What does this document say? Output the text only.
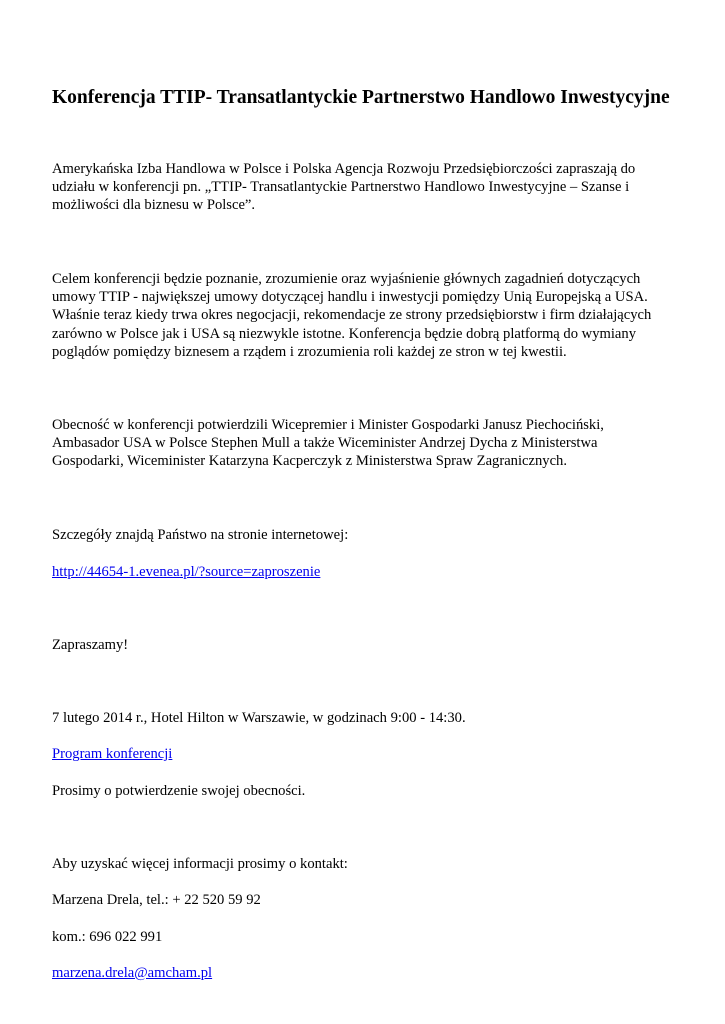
Konferencja TTIP- Transatlantyckie Partnerstwo Handlowo Inwestycyjne

Amerykańska Izba Handlowa w Polsce i Polska Agencja Rozwoju Przedsiębiorczości zapraszają do
udziału w konferencji pn. „TTIP- Transatlantyckie Partnerstwo Handlowo Inwestycyjne – Szanse i
możliwości dla biznesu w Polsce”.

Celem konferencji będzie poznanie, zrozumienie oraz wyjaśnienie głównych zagadnień dotyczących
umowy TTIP - największej umowy dotyczącej handlu i inwestycji pomiędzy Unią Europejską a USA.
Właśnie teraz kiedy trwa okres negocjacji, rekomendacje ze strony przedsiębiorstw i firm działających
zarówno w Polsce jak i USA są niezwykle istotne. Konferencja będzie dobrą platformą do wymiany
poglądów pomiędzy biznesem a rządem i zrozumienia roli każdej ze stron w tej kwestii.

Obecność w konferencji potwierdzili Wicepremier i Minister Gospodarki Janusz Piechociński,
Ambasador USA w Polsce Stephen Mull a także Wiceminister Andrzej Dycha z Ministerstwa
Gospodarki, Wiceminister Katarzyna Kacperczyk z Ministerstwa Spraw Zagranicznych.

Szczegóły znajdą Państwo na stronie internetowej:

http://44654-1.evenea.pl/?source=zaproszenie

Zapraszamy!

7 lutego 2014 r., Hotel Hilton w Warszawie, w godzinach 9:00 - 14:30.

Program konferencji

Prosimy o potwierdzenie swojej obecności.

Aby uzyskać więcej informacji prosimy o kontakt:

Marzena Drela, tel.: + 22 520 59 92

kom.: 696 022 991

marzena.drela@amcham.pl
